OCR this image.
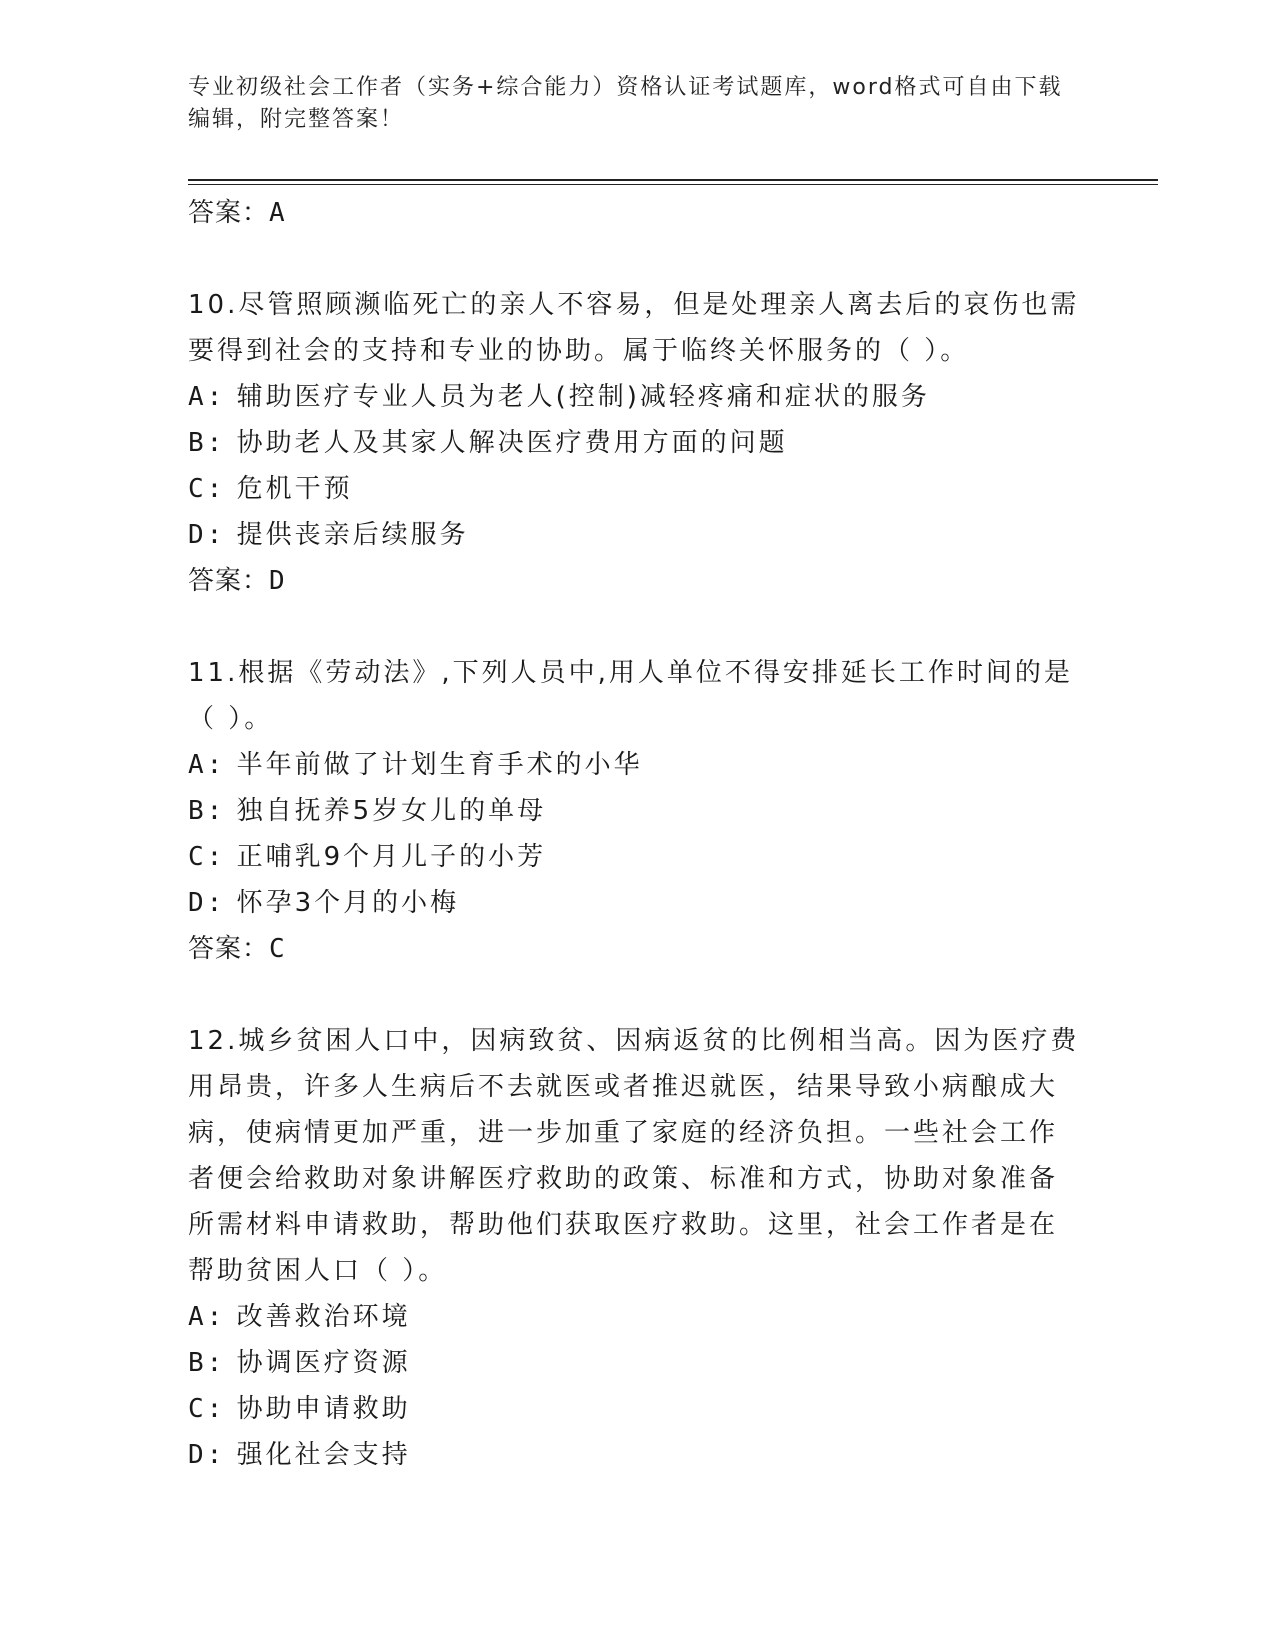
专业初级社会工作者（实务+综合能力）资格认证考试题库，word格式可自由下载
编辑，附完整答案！
答案：A
10.尽管照顾濒临死亡的亲人不容易，但是处理亲人离去后的哀伤也需
要得到社会的支持和专业的协助。属于临终关怀服务的（ ）。
A: 辅助医疗专业人员为老人(控制)减轻疼痛和症状的服务
B: 协助老人及其家人解决医疗费用方面的问题
C: 危机干预
D: 提供丧亲后续服务
答案：D
11.根据《劳动法》,下列人员中,用人单位不得安排延长工作时间的是
（ ）。
A: 半年前做了计划生育手术的小华
B: 独自抚养5岁女儿的单母
C: 正哺乳9个月儿子的小芳
D: 怀孕3个月的小梅
答案：C
12.城乡贫困人口中，因病致贫、因病返贫的比例相当高。因为医疗费
用昂贵，许多人生病后不去就医或者推迟就医，结果导致小病酿成大
病，使病情更加严重，进一步加重了家庭的经济负担。一些社会工作
者便会给救助对象讲解医疗救助的政策、标准和方式，协助对象准备
所需材料申请救助，帮助他们获取医疗救助。这里，社会工作者是在
帮助贫困人口（ ）。
A: 改善救治环境
B: 协调医疗资源
C: 协助申请救助
D: 强化社会支持
